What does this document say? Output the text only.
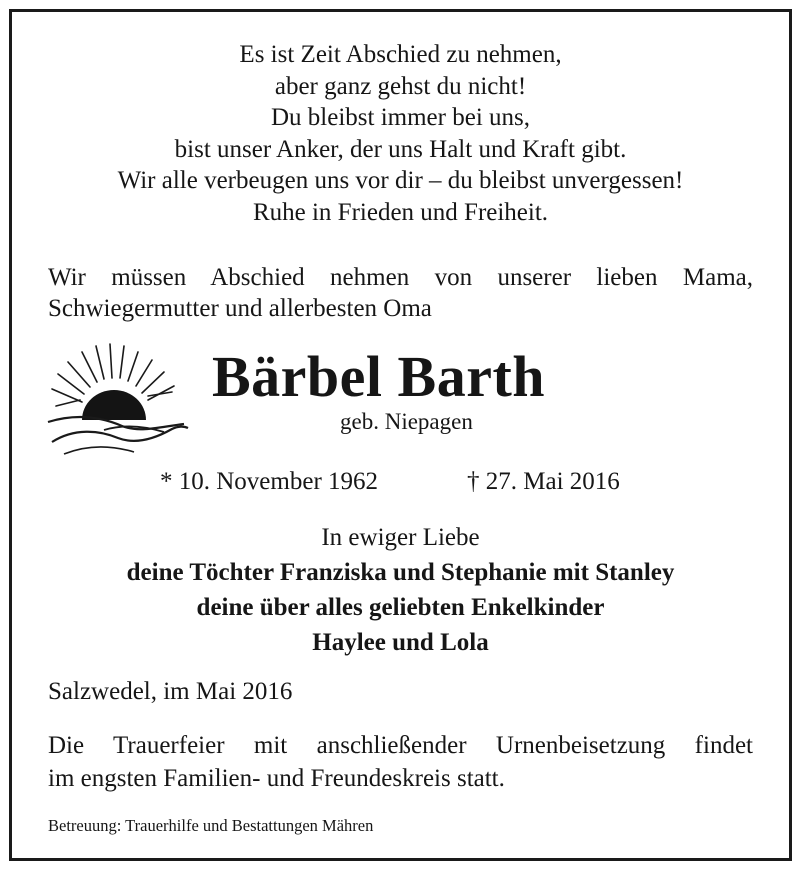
Es ist Zeit Abschied zu nehmen,
aber ganz gehst du nicht!
Du bleibst immer bei uns,
bist unser Anker, der uns Halt und Kraft gibt.
Wir alle verbeugen uns vor dir – du bleibst unvergessen!
Ruhe in Frieden und Freiheit.
Wir müssen Abschied nehmen von unserer lieben Mama,
Schwiegermutter und allerbesten Oma
Bärbel Barth
geb. Niepagen
* 10. November 1962	† 27. Mai 2016
In ewiger Liebe
deine Töchter Franziska und Stephanie mit Stanley
deine über alles geliebten Enkelkinder
Haylee und Lola
Salzwedel, im Mai 2016
Die Trauerfeier mit anschließender Urnenbeisetzung findet
im engsten Familien- und Freundeskreis statt.
Betreuung: Trauerhilfe und Bestattungen Mähren
